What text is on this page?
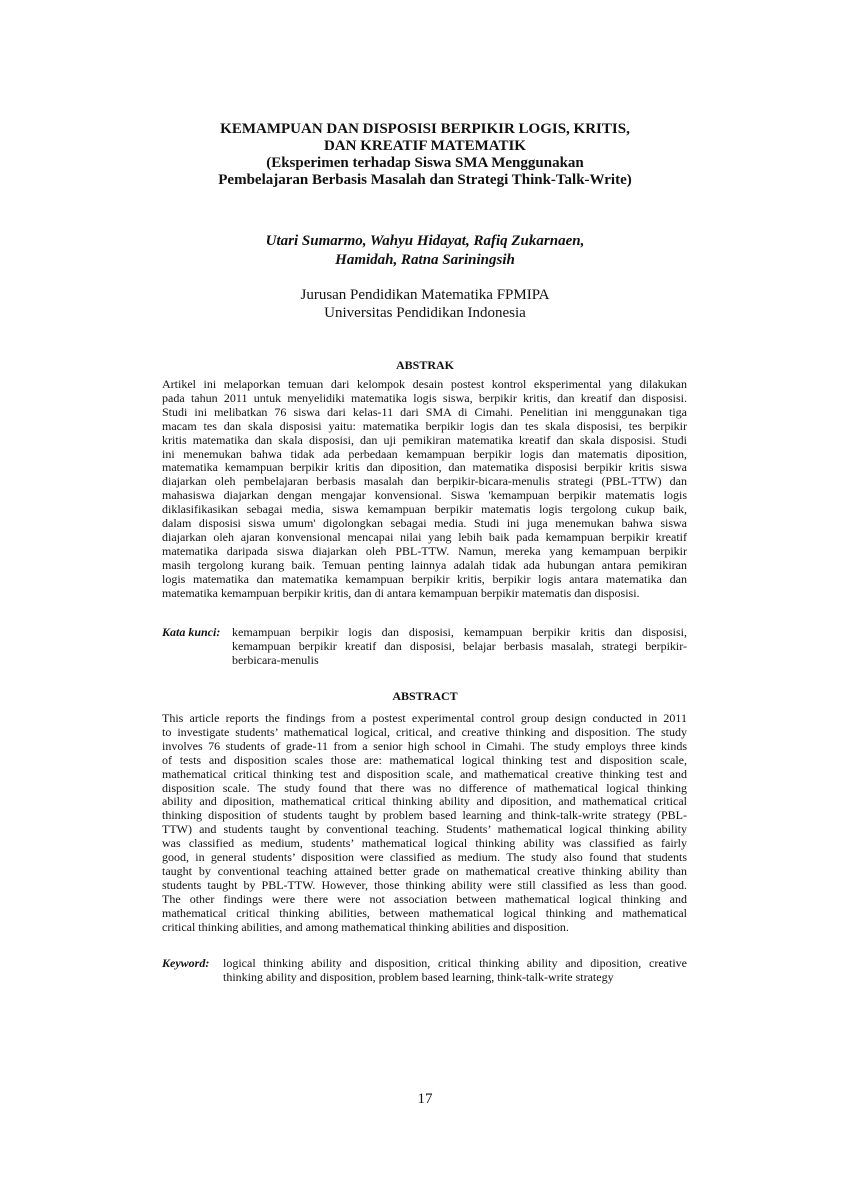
KEMAMPUAN DAN DISPOSISI BERPIKIR LOGIS, KRITIS,
DAN KREATIF MATEMATIK
(Eksperimen terhadap Siswa SMA Menggunakan
Pembelajaran Berbasis Masalah dan Strategi Think-Talk-Write)
Utari Sumarmo, Wahyu Hidayat, Rafiq Zukarnaen,
Hamidah, Ratna Sariningsih
Jurusan Pendidikan Matematika FPMIPA
Universitas Pendidikan Indonesia
ABSTRAK
Artikel ini melaporkan temuan dari kelompok desain postest kontrol eksperimental yang dilakukan
pada tahun 2011 untuk menyelidiki matematika logis siswa, berpikir kritis, dan kreatif dan disposisi.
Studi ini melibatkan 76 siswa dari kelas-11 dari SMA di Cimahi. Penelitian ini menggunakan tiga
macam tes dan skala disposisi yaitu: matematika berpikir logis dan tes skala disposisi, tes berpikir
kritis matematika dan skala disposisi, dan uji pemikiran matematika kreatif dan skala disposisi. Studi
ini menemukan bahwa tidak ada perbedaan kemampuan berpikir logis dan matematis diposition,
matematika kemampuan berpikir kritis dan diposition, dan matematika disposisi berpikir kritis siswa
diajarkan oleh pembelajaran berbasis masalah dan berpikir-bicara-menulis strategi (PBL-TTW) dan
mahasiswa diajarkan dengan mengajar konvensional. Siswa 'kemampuan berpikir matematis logis
diklasifikasikan sebagai media, siswa kemampuan berpikir matematis logis tergolong cukup baik,
dalam disposisi siswa umum' digolongkan sebagai media. Studi ini juga menemukan bahwa siswa
diajarkan oleh ajaran konvensional mencapai nilai yang lebih baik pada kemampuan berpikir kreatif
matematika daripada siswa diajarkan oleh PBL-TTW. Namun, mereka yang kemampuan berpikir
masih tergolong kurang baik. Temuan penting lainnya adalah tidak ada hubungan antara pemikiran
logis matematika dan matematika kemampuan berpikir kritis, berpikir logis antara matematika dan
matematika kemampuan berpikir kritis, dan di antara kemampuan berpikir matematis dan disposisi.
Kata kunci: kemampuan berpikir logis dan disposisi, kemampuan berpikir kritis dan disposisi,
kemampuan berpikir kreatif dan disposisi, belajar berbasis masalah, strategi berpikir-
berbicara-menulis
ABSTRACT
This article reports the findings from a postest experimental control group design conducted in 2011
to investigate students’ mathematical logical, critical, and creative thinking and disposition. The study
involves 76 students of grade-11 from a senior high school in Cimahi. The study employs three kinds
of tests and disposition scales those are: mathematical logical thinking test and disposition scale,
mathematical critical thinking test and disposition scale, and mathematical creative thinking test and
disposition scale. The study found that there was no difference of mathematical logical thinking
ability and diposition, mathematical critical thinking ability and diposition, and mathematical critical
thinking disposition of students taught by problem based learning and think-talk-write strategy (PBL-
TTW) and students taught by conventional teaching. Students’ mathematical logical thinking ability
was classified as medium, students’ mathematical logical thinking ability was classified as fairly
good, in general students’ disposition were classified as medium. The study also found that students
taught by conventional teaching attained better grade on mathematical creative thinking ability than
students taught by PBL-TTW. However, those thinking ability were still classified as less than good.
The other findings were there were not association between mathematical logical thinking and
mathematical critical thinking abilities, between mathematical logical thinking and mathematical
critical thinking abilities, and among mathematical thinking abilities and disposition.
Keyword: logical thinking ability and disposition, critical thinking ability and diposition, creative
thinking ability and disposition, problem based learning, think-talk-write strategy
17
